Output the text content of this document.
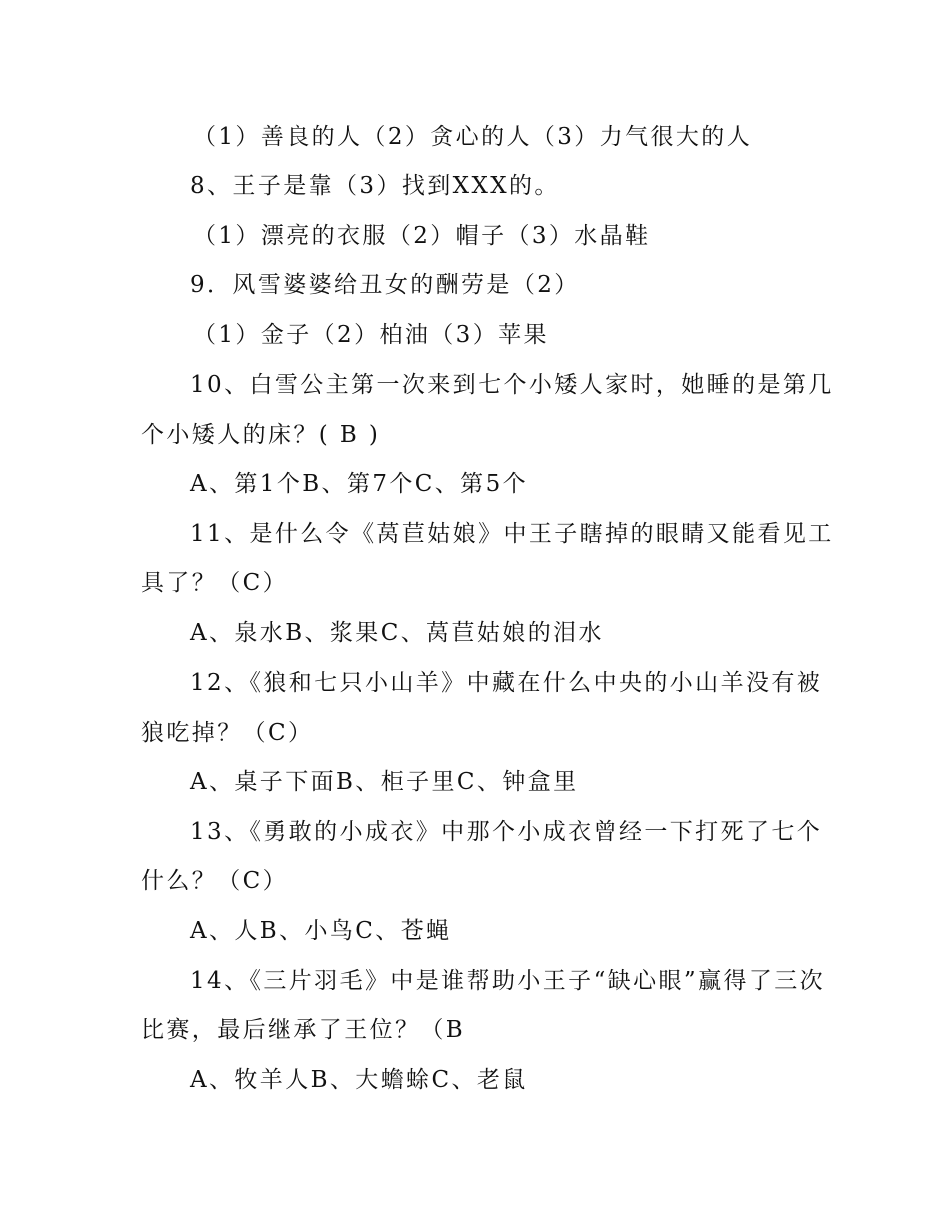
（1）善良的人（2）贪心的人（3）力气很大的人
8、王子是靠（3）找到XXX的。
（1）漂亮的衣服（2）帽子（3）水晶鞋
9．风雪婆婆给丑女的酬劳是（2）
（1）金子（2）柏油（3）苹果
10、白雪公主第一次来到七个小矮人家时，她睡的是第几
个小矮人的床？( B )
A、第1个B、第7个C、第5个
11、是什么令《莴苣姑娘》中王子瞎掉的眼睛又能看见工
具了？（C）
A、泉水B、浆果C、莴苣姑娘的泪水
12、《狼和七只小山羊》中藏在什么中央的小山羊没有被
狼吃掉？（C）
A、桌子下面B、柜子里C、钟盒里
13、《勇敢的小成衣》中那个小成衣曾经一下打死了七个
什么？（C）
A、人B、小鸟C、苍蝇
14、《三片羽毛》中是谁帮助小王子“缺心眼”赢得了三次
比赛，最后继承了王位？（B
A、牧羊人B、大蟾蜍C、老鼠
